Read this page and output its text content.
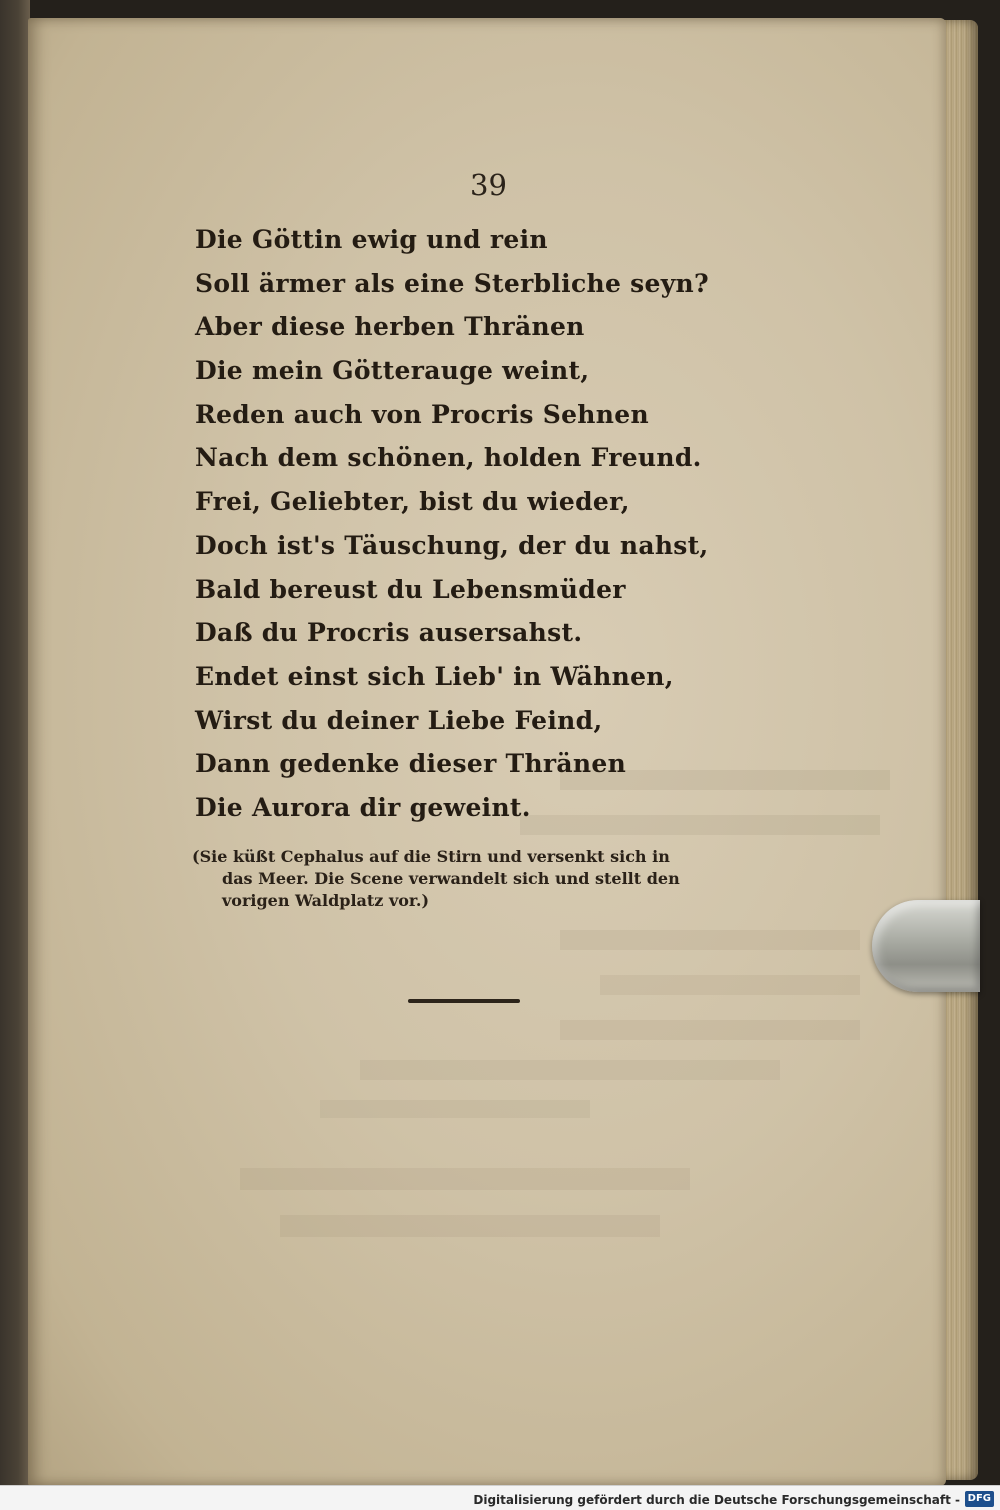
39
Die Göttin ewig und rein
Soll ärmer als eine Sterbliche seyn?
Aber diese herben Thränen
Die mein Götterauge weint,
Reden auch von Procris Sehnen
Nach dem schönen, holden Freund.
Frei, Geliebter, bist du wieder,
Doch ist's Täuschung, der du nahst,
Bald bereust du Lebensmüder
Daß du Procris ausersahst.
Endet einst sich Lieb' in Wähnen,
Wirst du deiner Liebe Feind,
Dann gedenke dieser Thränen
Die Aurora dir geweint.
(Sie küßt Cephalus auf die Stirn und versenkt sich in
das Meer. Die Scene verwandelt sich und stellt den
vorigen Waldplatz vor.)
Digitalisierung gefördert durch die Deutsche Forschungsgemeinschaft - DFG
